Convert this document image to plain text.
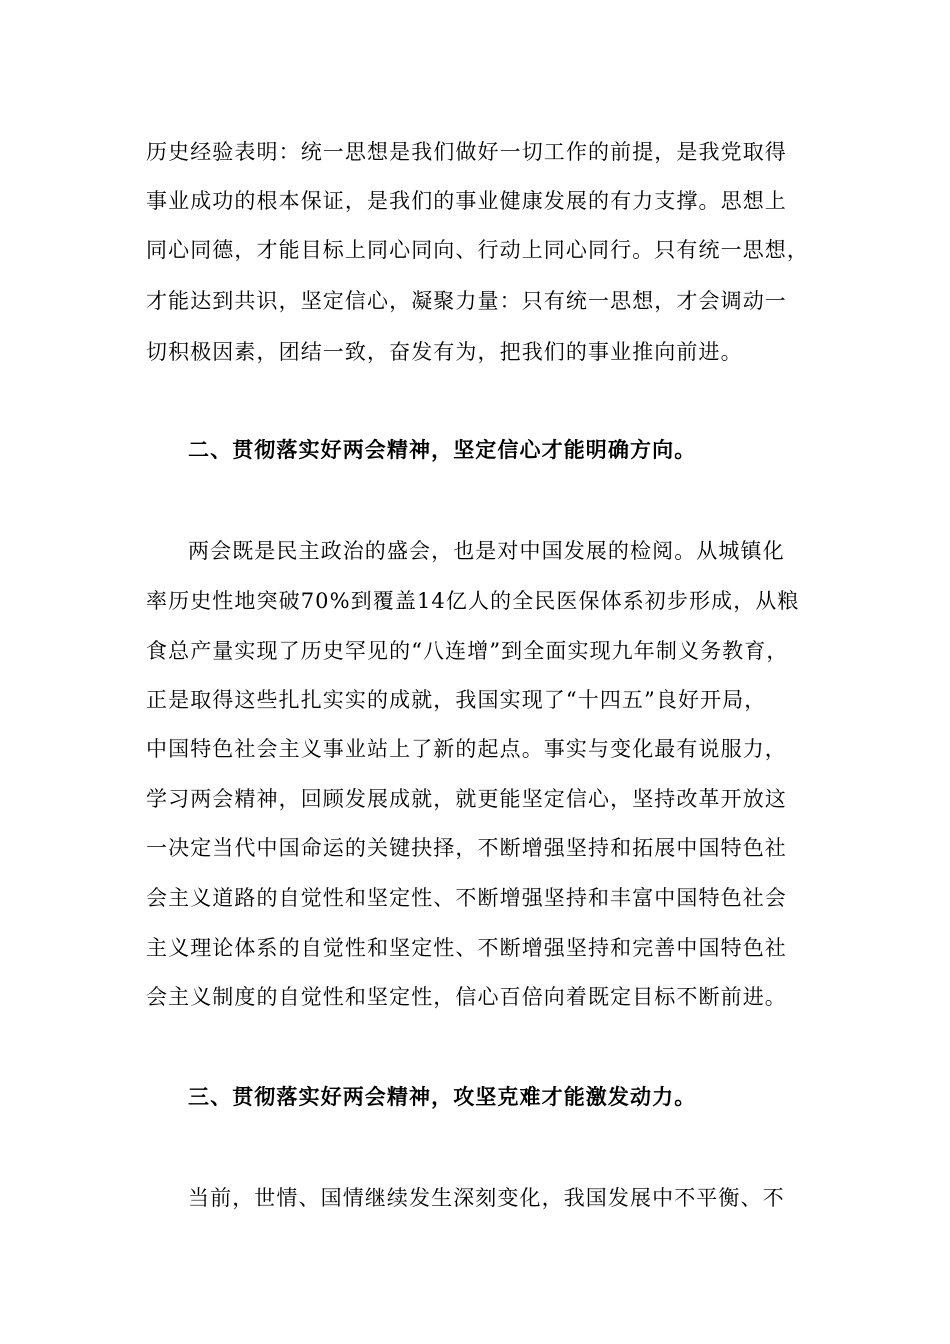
历史经验表明：统一思想是我们做好一切工作的前提，是我党取得
事业成功的根本保证，是我们的事业健康发展的有力支撑。思想上
同心同德，才能目标上同心同向、行动上同心同行。只有统一思想，
才能达到共识，坚定信心，凝聚力量：只有统一思想，才会调动一
切积极因素，团结一致，奋发有为，把我们的事业推向前进。
二、贯彻落实好两会精神，坚定信心才能明确方向。
两会既是民主政治的盛会，也是对中国发展的检阅。从城镇化
率历史性地突破70%到覆盖14亿人的全民医保体系初步形成，从粮
食总产量实现了历史罕见的“八连增”到全面实现九年制义务教育，
正是取得这些扎扎实实的成就，我国实现了“十四五”良好开局，
中国特色社会主义事业站上了新的起点。事实与变化最有说服力，
学习两会精神，回顾发展成就，就更能坚定信心，坚持改革开放这
一决定当代中国命运的关键抉择，不断增强坚持和拓展中国特色社
会主义道路的自觉性和坚定性、不断增强坚持和丰富中国特色社会
主义理论体系的自觉性和坚定性、不断增强坚持和完善中国特色社
会主义制度的自觉性和坚定性，信心百倍向着既定目标不断前进。
三、贯彻落实好两会精神，攻坚克难才能激发动力。
当前，世情、国情继续发生深刻变化，我国发展中不平衡、不
